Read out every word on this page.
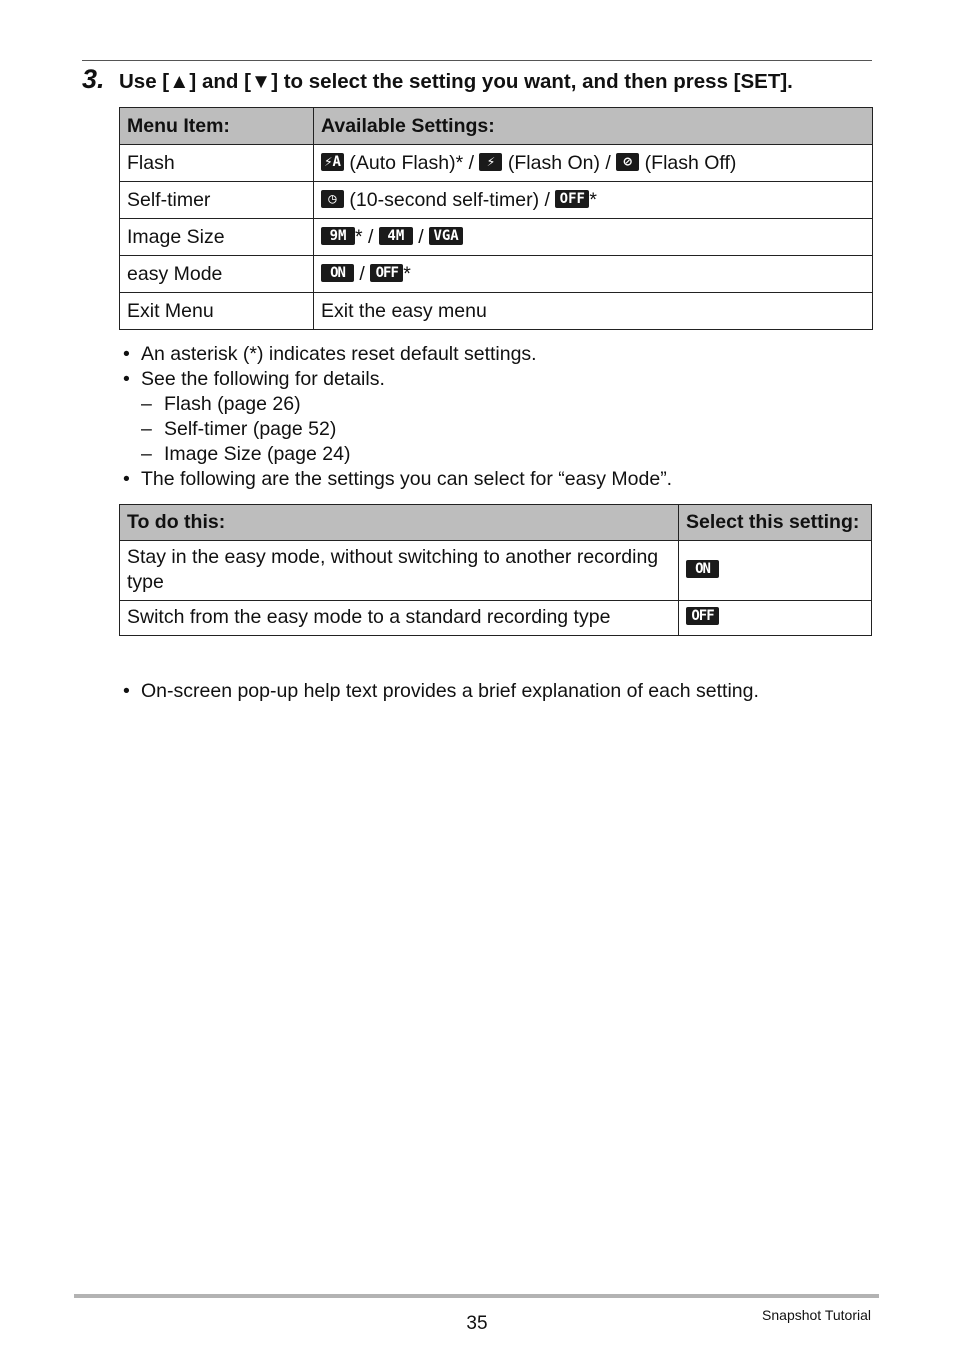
3. Use [▲] and [▼] to select the setting you want, and then press [SET].
Menu Item:	Available Settings:
Flash	⚡A (Auto Flash)* / ⚡ (Flash On) / ⊘ (Flash Off)
Self-timer	◷ (10-second self-timer) / OFF *
Image Size	9M * / 4M / VGA
easy Mode	ON / OFF *
Exit Menu	Exit the easy menu
• An asterisk (*) indicates reset default settings.
• See the following for details.
– Flash (page 26)
– Self-timer (page 52)
– Image Size (page 24)
• The following are the settings you can select for “easy Mode”.
To do this:	Select this setting:
Stay in the easy mode, without switching to another recording type	ON
Switch from the easy mode to a standard recording type	OFF
• On-screen pop-up help text provides a brief explanation of each setting.
35	Snapshot Tutorial
